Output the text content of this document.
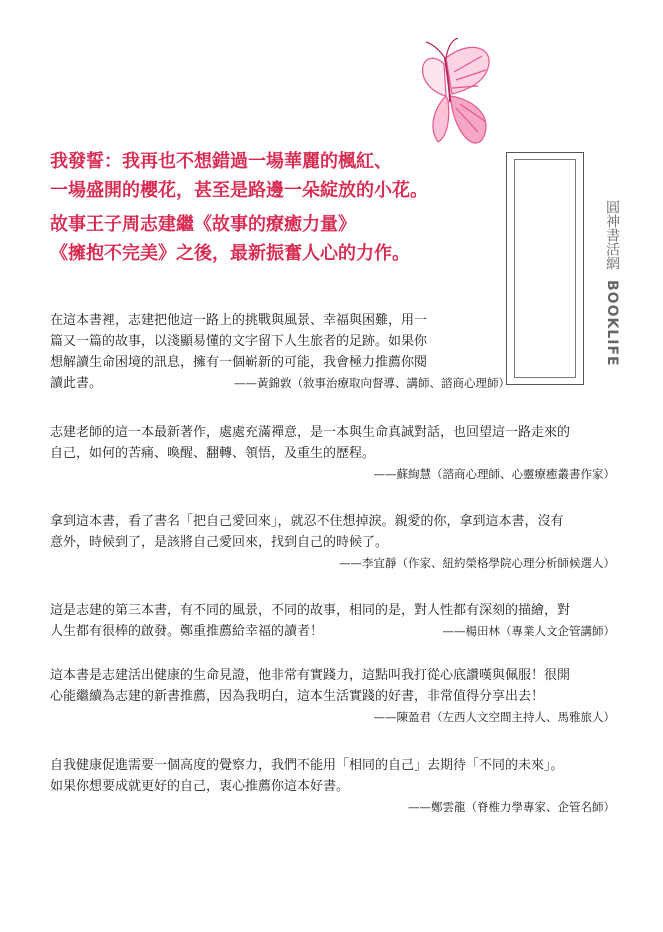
我發誓：我再也不想錯過一場華麗的楓紅、
一場盛開的櫻花，甚至是路邊一朵綻放的小花。
故事王子周志建繼《故事的療癒力量》
《擁抱不完美》之後，最新振奮人心的力作。	圓神書活網 BOOKLIFE
在這本書裡，志建把他這一路上的挑戰與風景、幸福與困難，用一
篇又一篇的故事，以淺顯易懂的文字留下人生旅者的足跡。如果你
想解讀生命困境的訊息，擁有一個嶄新的可能，我會極力推薦你閱
讀此書。	——黃錦敦（敘事治療取向督導、講師、諮商心理師）
志建老師的這一本最新著作，處處充滿禪意，是一本與生命真誠對話，也回望這一路走來的
自己，如何的苦痛、喚醒、翻轉、領悟，及重生的歷程。
——蘇絢慧（諮商心理師、心靈療癒叢書作家）
拿到這本書，看了書名「把自己愛回來」，就忍不住想掉淚。親愛的你，拿到這本書，沒有
意外，時候到了，是該將自己愛回來，找到自己的時候了。
——李宜靜（作家、紐約榮格學院心理分析師候選人）
這是志建的第三本書，有不同的風景，不同的故事，相同的是，對人性都有深刻的描繪，對
人生都有很棒的啟發。鄭重推薦給幸福的讀者！	——楊田林（專業人文企管講師）
這本書是志建活出健康的生命見證，他非常有實踐力，這點叫我打從心底讚嘆與佩服！很開
心能繼續為志建的新書推薦，因為我明白，這本生活實踐的好書，非常值得分享出去！
——陳盈君（左西人文空間主持人、馬雅旅人）
自我健康促進需要一個高度的覺察力，我們不能用「相同的自己」去期待「不同的未來」。
如果你想要成就更好的自己，衷心推薦你這本好書。
——鄭雲龍（脊椎力學專家、企管名師）
